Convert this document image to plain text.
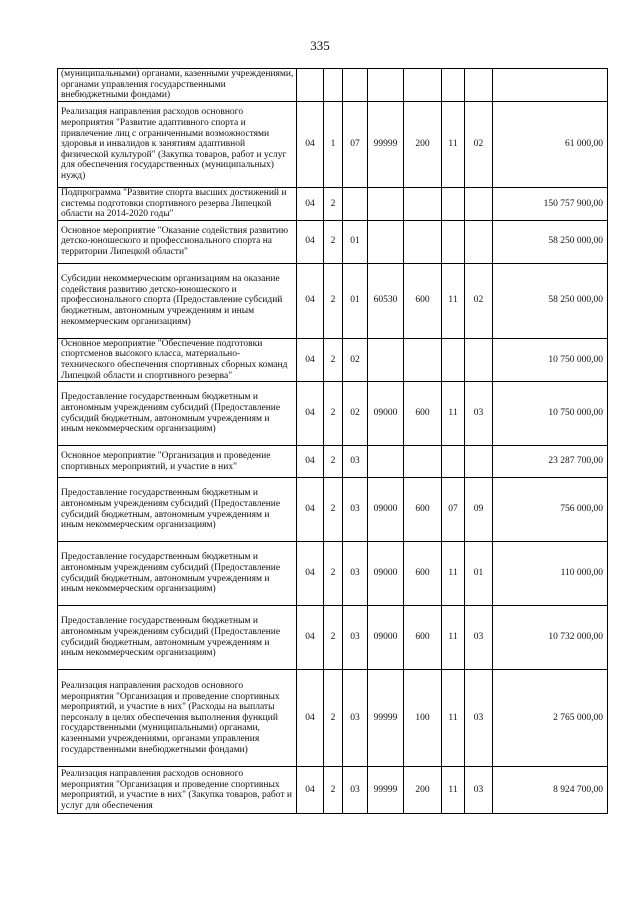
335
(муниципальными) органами, казенными учреждениями, органами управления государственными внебюджетными фондами)								
Реализация направления расходов основного мероприятия "Развитие адаптивного спорта и привлечение лиц с ограниченными возможностями здоровья и инвалидов к занятиям адаптивной физической культурой" (Закупка товаров, работ и услуг для обеспечения государственных (муниципальных) нужд)	04	1	07	99999	200	11	02	61 000,00
Подпрограмма "Развитие спорта высших достижений и системы подготовки спортивного резерва Липецкой области на 2014-2020 годы"	04	2						150 757 900,00
Основное мероприятие "Оказание содействия развитию детско-юношеского и профессионального спорта на территории Липецкой области"	04	2	01					58 250 000,00
Субсидии некоммерческим организациям на оказание содействия развитию детско-юношеского и профессионального спорта (Предоставление субсидий бюджетным, автономным учреждениям и иным некоммерческим организациям)	04	2	01	60530	600	11	02	58 250 000,00
Основное мероприятие "Обеспечение подготовки спортсменов высокого класса, материально-технического обеспечения спортивных сборных команд Липецкой области и спортивного резерва"	04	2	02					10 750 000,00
Предоставление государственным бюджетным и автономным учреждениям субсидий (Предоставление субсидий бюджетным, автономным учреждениям и иным некоммерческим организациям)	04	2	02	09000	600	11	03	10 750 000,00
Основное мероприятие "Организация и проведение спортивных мероприятий, и участие в них"	04	2	03					23 287 700,00
Предоставление государственным бюджетным и автономным учреждениям субсидий (Предоставление субсидий бюджетным, автономным учреждениям и иным некоммерческим организациям)	04	2	03	09000	600	07	09	756 000,00
Предоставление государственным бюджетным и автономным учреждениям субсидий (Предоставление субсидий бюджетным, автономным учреждениям и иным некоммерческим организациям)	04	2	03	09000	600	11	01	110 000,00
Предоставление государственным бюджетным и автономным учреждениям субсидий (Предоставление субсидий бюджетным, автономным учреждениям и иным некоммерческим организациям)	04	2	03	09000	600	11	03	10 732 000,00
Реализация направления расходов основного мероприятия "Организация и проведение спортивных мероприятий, и участие в них" (Расходы на выплаты персоналу в целях обеспечения выполнения функций государственными (муниципальными) органами, казенными учреждениями, органами управления государственными внебюджетными фондами)	04	2	03	99999	100	11	03	2 765 000,00
Реализация направления расходов основного мероприятия "Организация и проведение спортивных мероприятий, и участие в них" (Закупка товаров, работ и услуг для обеспечения	04	2	03	99999	200	11	03	8 924 700,00
